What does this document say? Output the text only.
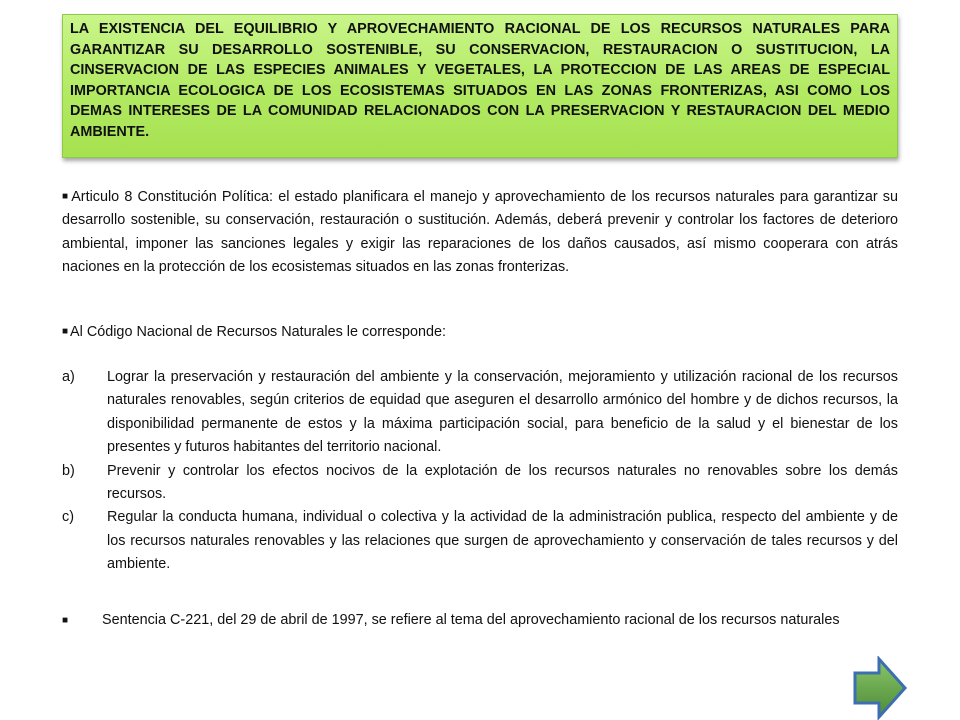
LA EXISTENCIA DEL EQUILIBRIO Y APROVECHAMIENTO RACIONAL DE LOS RECURSOS NATURALES PARA GARANTIZAR SU DESARROLLO SOSTENIBLE, SU CONSERVACION, RESTAURACION O SUSTITUCION, LA CINSERVACION DE LAS ESPECIES ANIMALES Y VEGETALES, LA PROTECCION DE LAS AREAS DE ESPECIAL IMPORTANCIA ECOLOGICA DE LOS ECOSISTEMAS SITUADOS EN LAS ZONAS FRONTERIZAS, ASI COMO LOS DEMAS INTERESES DE LA COMUNIDAD RELACIONADOS CON LA PRESERVACION Y RESTAURACION DEL MEDIO AMBIENTE.
■ Articulo 8 Constitución Política: el estado planificara el manejo y aprovechamiento de los recursos naturales para garantizar su desarrollo sostenible, su conservación, restauración o sustitución. Además, deberá prevenir y controlar los factores de deterioro ambiental, imponer las sanciones legales y exigir las reparaciones de los daños causados, así mismo cooperara con atrás naciones en la protección de los ecosistemas situados en las zonas fronterizas.
■ Al Código Nacional de Recursos Naturales le corresponde:
a)	Lograr la preservación y restauración del ambiente y la conservación, mejoramiento y utilización racional de los recursos naturales renovables, según criterios de equidad que aseguren el desarrollo armónico del hombre y de dichos recursos, la disponibilidad permanente de estos y la máxima participación social, para beneficio de la salud y el bienestar de los presentes y futuros habitantes del territorio nacional.
b)	Prevenir y controlar los efectos nocivos de la explotación de los recursos naturales no renovables sobre los demás recursos.
c)	Regular la conducta humana, individual o colectiva y la actividad de la administración publica, respecto del ambiente y de los recursos naturales renovables y las relaciones que surgen de aprovechamiento y conservación de tales recursos y del ambiente.
■	Sentencia C-221, del 29 de abril de 1997, se refiere al tema del aprovechamiento racional de los recursos naturales
